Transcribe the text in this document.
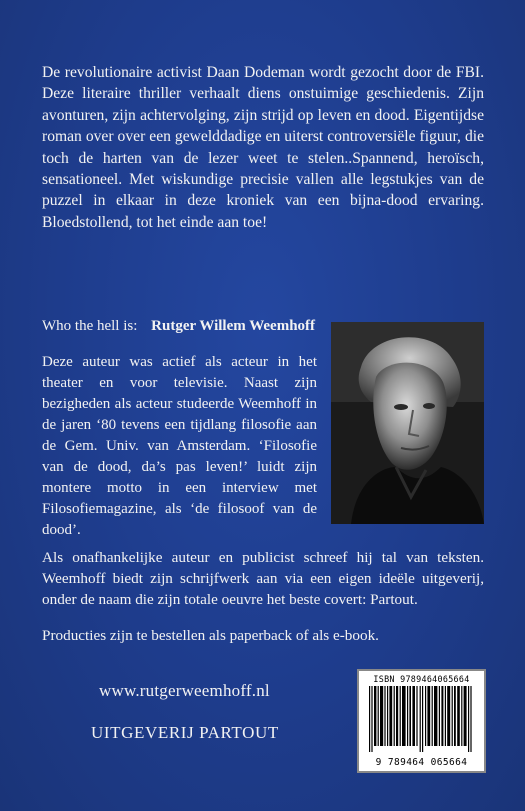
De revolutionaire activist Daan Dodeman wordt gezocht door de FBI. Deze literaire thriller verhaalt diens onstuimige geschiedenis. Zijn avonturen, zijn achtervolging, zijn strijd op leven en dood. Eigentijdse roman over over een gewelddadige en uiterst controversiële figuur, die toch de harten van de lezer weet te stelen..Spannend, heroïsch, sensationeel. Met wiskundige precisie vallen alle legstukjes van de puzzel in elkaar in deze kroniek van een bijna-dood ervaring. Bloedstollend, tot het einde aan toe!

Who the hell is: Rutger Willem Weemhoff

Deze auteur was actief als acteur in het theater en voor televisie. Naast zijn bezigheden als acteur studeerde Weemhoff in de jaren ‘80 tevens een tijdlang filosofie aan de Gem. Univ. van Amsterdam. ‘Filosofie van de dood, da’s pas leven!’ luidt zijn montere motto in een interview met Filosofiemagazine, als ‘de filosoof van de dood’.

Als onafhankelijke auteur en publicist schreef hij tal van teksten. Weemhoff biedt zijn schrijfwerk aan via een eigen ideële uitgeverij, onder de naam die zijn totale oeuvre het beste covert: Partout.

Producties zijn te bestellen als paperback of als e-book.

www.rutgerweemhoff.nl
UITGEVERIJ PARTOUT
ISBN 9789464065664
9 789464 065664
